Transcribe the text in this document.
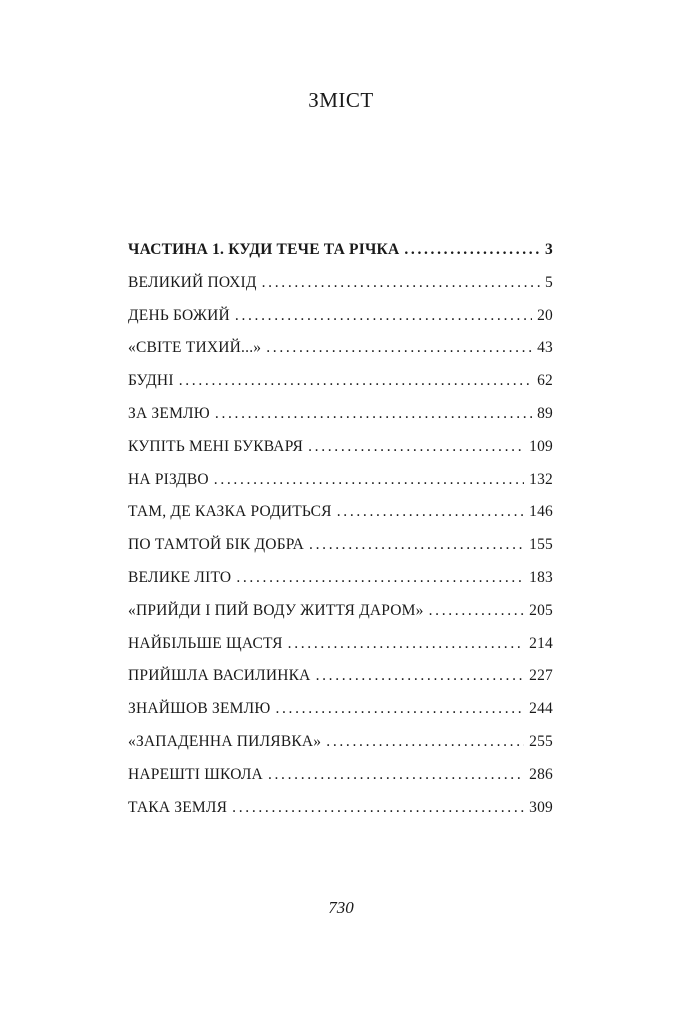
ЗМІСТ
ЧАСТИНА 1. КУДИ ТЕЧЕ ТА РІЧКА . . .	3
ВЕЛИКИЙ ПОХІД . . .	5
ДЕНЬ БОЖИЙ . . .	20
«СВІТЕ ТИХИЙ...» . . .	43
БУДНІ . . .	62
ЗА ЗЕМЛЮ . . .	89
КУПІТЬ МЕНІ БУКВАРЯ . . .	109
НА РІЗДВО . . .	132
ТАМ, ДЕ КАЗКА РОДИТЬСЯ . . .	146
ПО ТАМТОЙ БІК ДОБРА . . .	155
ВЕЛИКЕ ЛІТО . . .	183
«ПРИЙДИ І ПИЙ ВОДУ ЖИТТЯ ДАРОМ» . . .	205
НАЙБІЛЬШЕ ЩАСТЯ . . .	214
ПРИЙШЛА ВАСИЛИНКА . . .	227
ЗНАЙШОВ ЗЕМЛЮ . . .	244
«ЗАПАДЕННА ПИЛЯВКА» . . .	255
НАРЕШТІ ШКОЛА . . .	286
ТАКА ЗЕМЛЯ . . .	309
730
